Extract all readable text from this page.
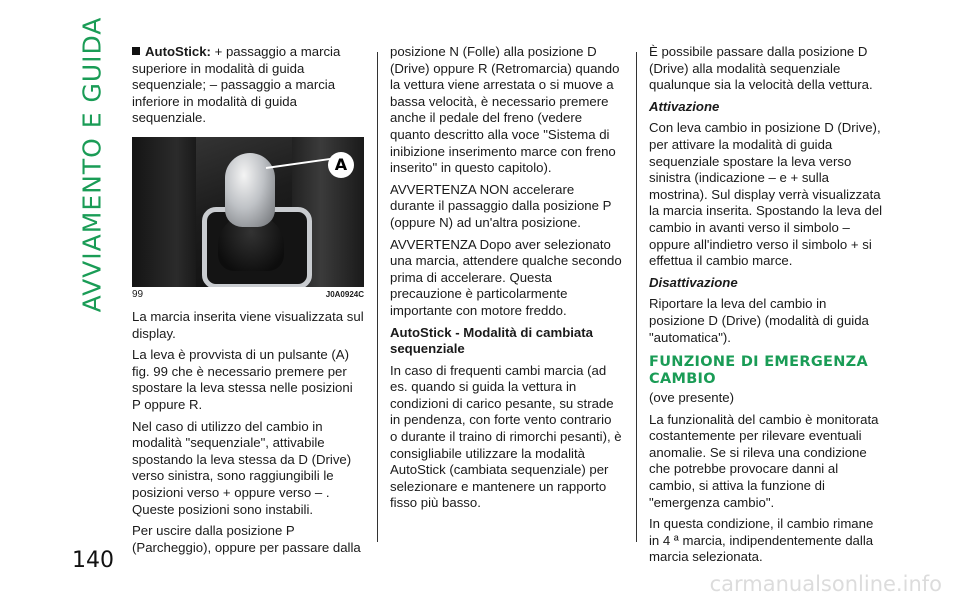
AVVIAMENTO E GUIDA	AutoStick: + passaggio a marcia superiore in modalità di guida sequenziale; – passaggio a marcia inferiore in modalità di guida sequenziale.

A
99	J0A0924C

La marcia inserita viene visualizzata sul display.

La leva è provvista di un pulsante (A) fig. 99 che è necessario premere per spostare la leva stessa nelle posizioni P oppure R.

Nel caso di utilizzo del cambio in modalità "sequenziale", attivabile spostando la leva stessa da D (Drive) verso sinistra, sono raggiungibili le posizioni verso + oppure verso – . Queste posizioni sono instabili.

Per uscire dalla posizione P (Parcheggio), oppure per passare dalla

posizione N (Folle) alla posizione D (Drive) oppure R (Retromarcia) quando la vettura viene arrestata o si muove a bassa velocità, è necessario premere anche il pedale del freno (vedere quanto descritto alla voce "Sistema di inibizione inserimento marce con freno inserito" in questo capitolo).

AVVERTENZA NON accelerare durante il passaggio dalla posizione P (oppure N) ad un'altra posizione.

AVVERTENZA Dopo aver selezionato una marcia, attendere qualche secondo prima di accelerare. Questa precauzione è particolarmente importante con motore freddo.

AutoStick - Modalità di cambiata sequenziale

In caso di frequenti cambi marcia (ad es. quando si guida la vettura in condizioni di carico pesante, su strade in pendenza, con forte vento contrario o durante il traino di rimorchi pesanti), è consigliabile utilizzare la modalità AutoStick (cambiata sequenziale) per selezionare e mantenere un rapporto fisso più basso.

È possibile passare dalla posizione D (Drive) alla modalità sequenziale qualunque sia la velocità della vettura.

Attivazione

Con leva cambio in posizione D (Drive), per attivare la modalità di guida sequenziale spostare la leva verso sinistra (indicazione – e + sulla mostrina). Sul display verrà visualizzata la marcia inserita. Spostando la leva del cambio in avanti verso il simbolo – oppure all'indietro verso il simbolo + si effettua il cambio marce.

Disattivazione

Riportare la leva del cambio in posizione D (Drive) (modalità di guida "automatica").

FUNZIONE DI EMERGENZA CAMBIO

(ove presente)

La funzionalità del cambio è monitorata costantemente per rilevare eventuali anomalie. Se si rileva una condizione che potrebbe provocare danni al cambio, si attiva la funzione di "emergenza cambio".

In questa condizione, il cambio rimane in 4 ª marcia, indipendentemente dalla marcia selezionata.

140
carmanualsonline.info
